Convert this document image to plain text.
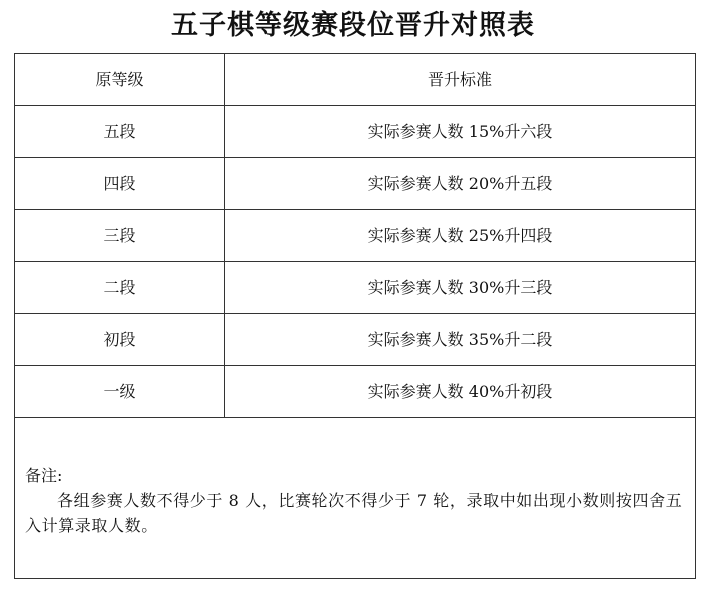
五子棋等级赛段位晋升对照表
原等级	晋升标准
五段	实际参赛人数 15%升六段
四段	实际参赛人数 20%升五段
三段	实际参赛人数 25%升四段
二段	实际参赛人数 30%升三段
初段	实际参赛人数 35%升二段
一级	实际参赛人数 40%升初段
备注:
各组参赛人数不得少于 8 人，比赛轮次不得少于 7 轮，录取中如出现小数则按四舍五入计算录取人数。
